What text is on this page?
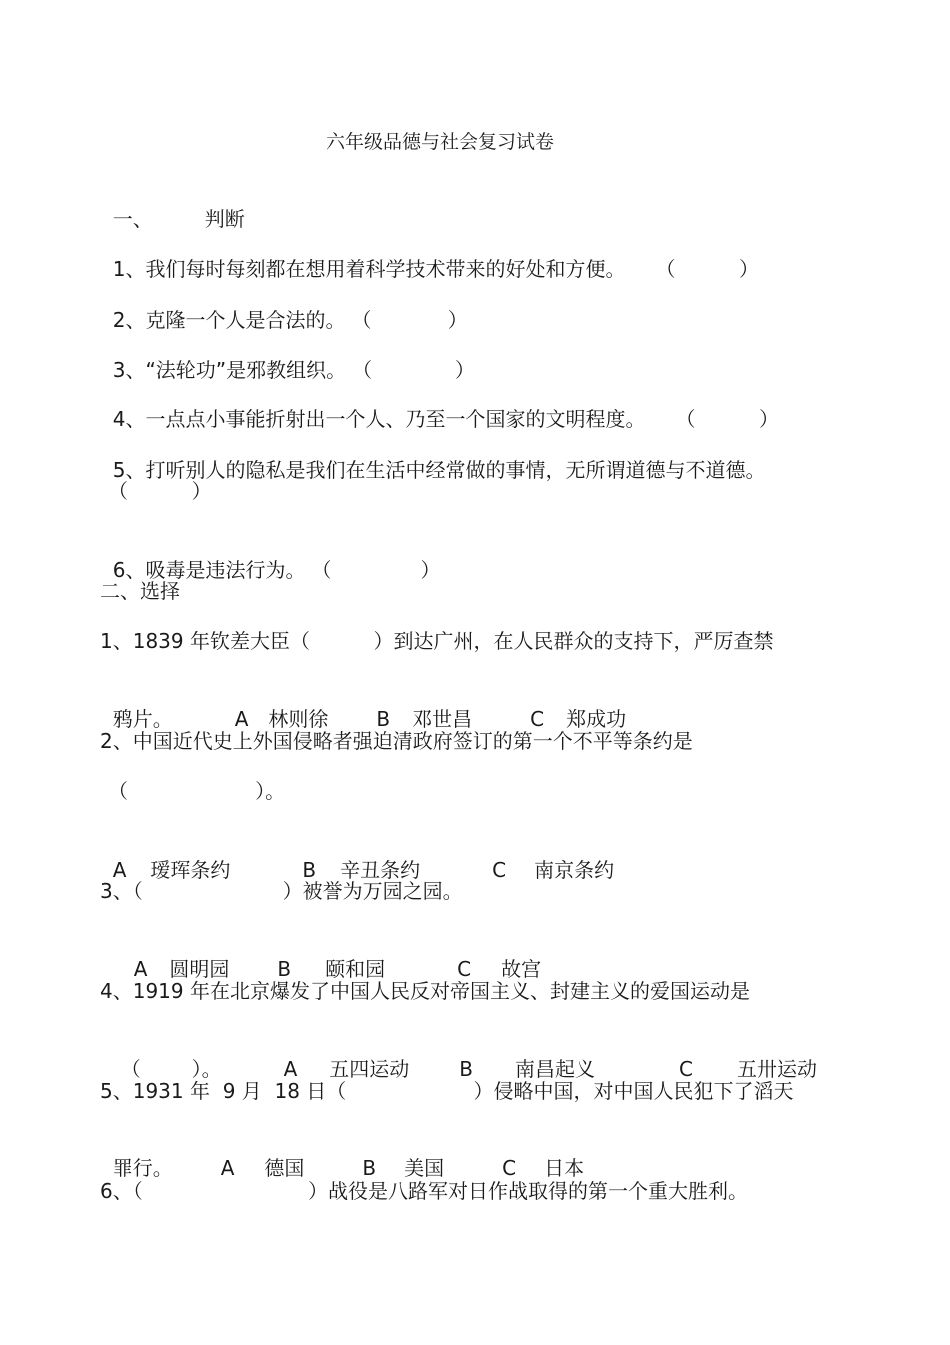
六年级品德与社会复习试卷

一、	判断

1、我们每时每刻都在想用着科学技术带来的好处和方便。 （          ）

2、克隆一个人是合法的。 （            ）

3、“法轮功”是邪教组织。 （             ）

4、一点点小事能折射出一个人、乃至一个国家的文明程度。 （          ）

5、打听别人的隐私是我们在生活中经常做的事情，无所谓道德与不道德。

（          ）

6、吸毒是违法行为。 （              ）

二、选择
1、1839 年钦差大臣（          ）到达广州，在人民群众的支持下，严厉查禁

鸦片。	A 林则徐 B 邓世昌	C 郑成功

2、中国近代史上外国侵略者强迫清政府签订的第一个不平等条约是
（                    ）。

A 瑷珲条约	B 辛丑条约	C 南京条约

3、（                      ）被誉为万园之园。

A 圆明园 B 颐和园	C 故宫

4、1919 年在北京爆发了中国人民反对帝国主义、封建主义的爱国运动是

（        ）。	A 五四运动	B 南昌起义	C 五卅运动

5、1931 年  9 月  18 日（                    ）侵略中国，对中国人民犯下了滔天

罪行。 A 德国	B 美国	C 日本

6、（                          ）战役是八路军对日作战取得的第一个重大胜利。
